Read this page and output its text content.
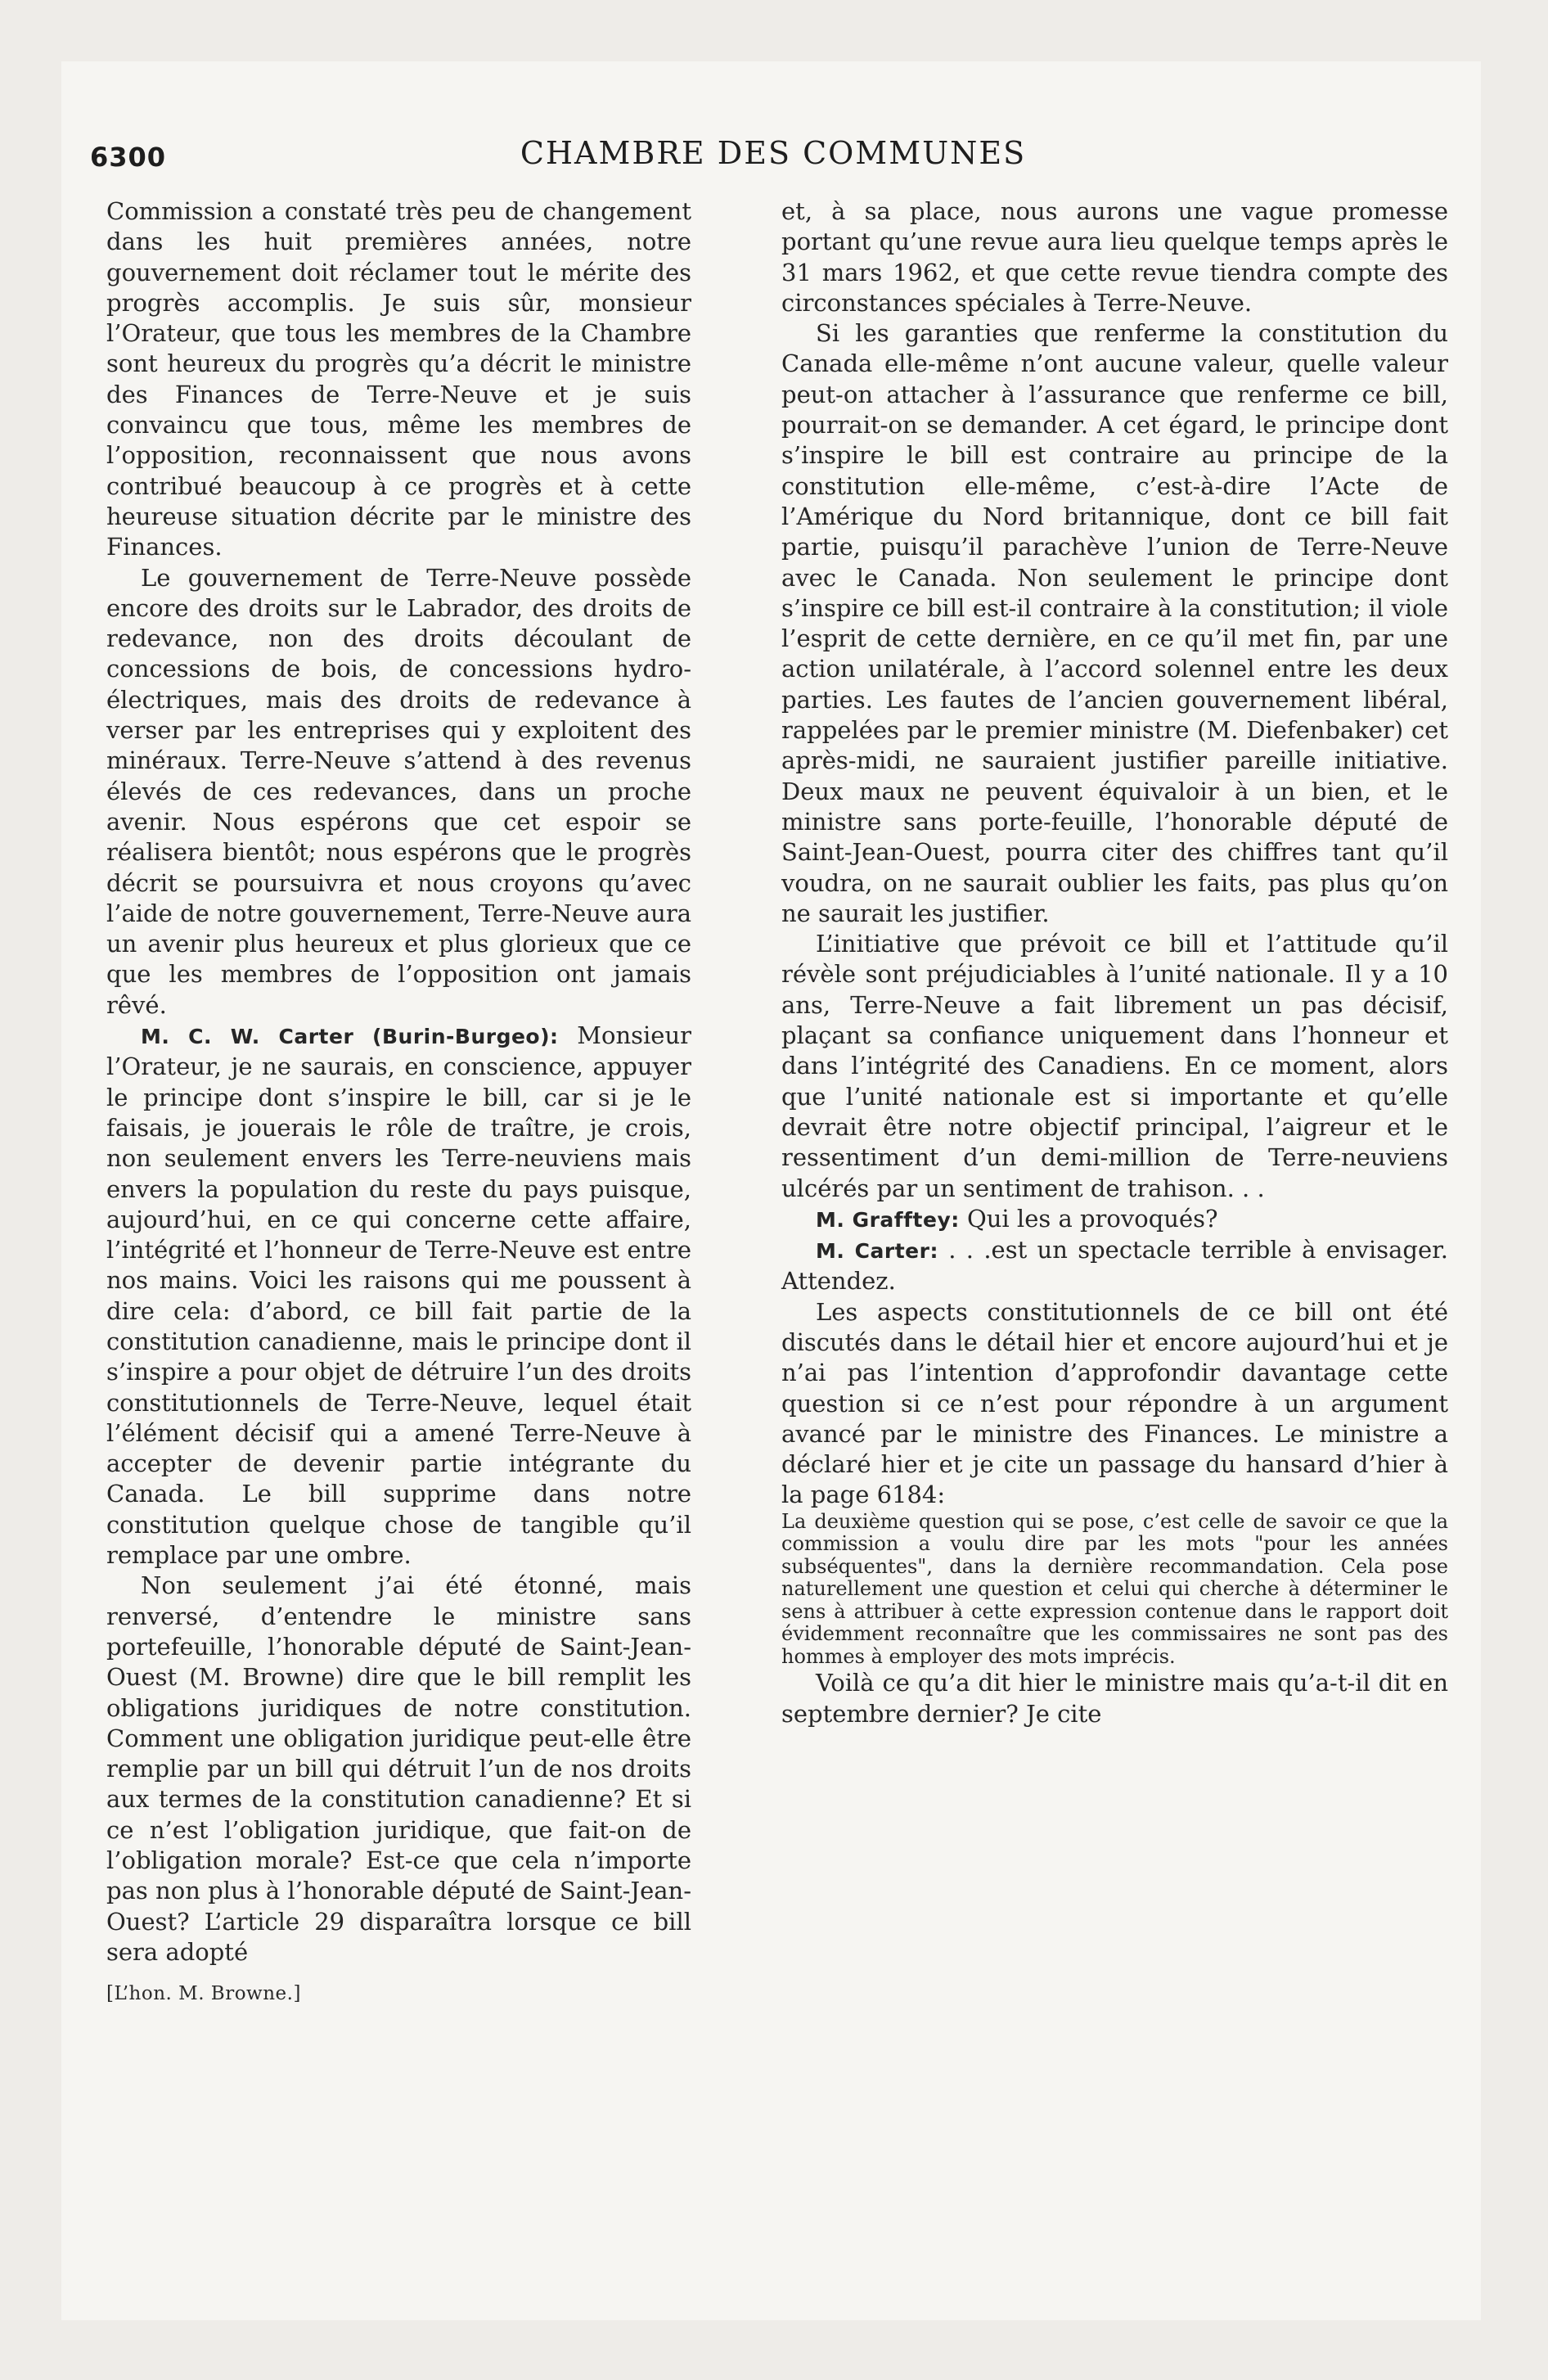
6300	CHAMBRE DES COMMUNES

Commission a constaté très peu de changement dans les huit premières années, notre gouvernement doit réclamer tout le mérite des progrès accomplis. Je suis sûr, monsieur l’Orateur, que tous les membres de la Chambre sont heureux du progrès qu’a décrit le ministre des Finances de Terre-Neuve et je suis convaincu que tous, même les membres de l’opposition, reconnaissent que nous avons contribué beaucoup à ce progrès et à cette heureuse situation décrite par le ministre des Finances.

Le gouvernement de Terre-Neuve possède encore des droits sur le Labrador, des droits de redevance, non des droits découlant de concessions de bois, de concessions hydro-électriques, mais des droits de redevance à verser par les entreprises qui y exploitent des minéraux. Terre-Neuve s’attend à des revenus élevés de ces redevances, dans un proche avenir. Nous espérons que cet espoir se réalisera bientôt; nous espérons que le progrès décrit se poursuivra et nous croyons qu’avec l’aide de notre gouvernement, Terre-Neuve aura un avenir plus heureux et plus glorieux que ce que les membres de l’opposition ont jamais rêvé.

M. C. W. Carter (Burin-Burgeo): Monsieur l’Orateur, je ne saurais, en conscience, appuyer le principe dont s’inspire le bill, car si je le faisais, je jouerais le rôle de traître, je crois, non seulement envers les Terre-neuviens mais envers la population du reste du pays puisque, aujourd’hui, en ce qui concerne cette affaire, l’intégrité et l’honneur de Terre-Neuve est entre nos mains. Voici les raisons qui me poussent à dire cela: d’abord, ce bill fait partie de la constitution canadienne, mais le principe dont il s’inspire a pour objet de détruire l’un des droits constitutionnels de Terre-Neuve, lequel était l’élément décisif qui a amené Terre-Neuve à accepter de devenir partie intégrante du Canada. Le bill supprime dans notre constitution quelque chose de tangible qu’il remplace par une ombre.

Non seulement j’ai été étonné, mais renversé, d’entendre le ministre sans portefeuille, l’honorable député de Saint-Jean-Ouest (M. Browne) dire que le bill remplit les obligations juridiques de notre constitution. Comment une obligation juridique peut-elle être remplie par un bill qui détruit l’un de nos droits aux termes de la constitution canadienne? Et si ce n’est l’obligation juridique, que fait-on de l’obligation morale? Est-ce que cela n’importe pas non plus à l’honorable député de Saint-Jean-Ouest? L’article 29 disparaîtra lorsque ce bill sera adopté

[L’hon. M. Browne.]

et, à sa place, nous aurons une vague promesse portant qu’une revue aura lieu quelque temps après le 31 mars 1962, et que cette revue tiendra compte des circonstances spéciales à Terre-Neuve.

Si les garanties que renferme la constitution du Canada elle-même n’ont aucune valeur, quelle valeur peut-on attacher à l’assurance que renferme ce bill, pourrait-on se demander. A cet égard, le principe dont s’inspire le bill est contraire au principe de la constitution elle-même, c’est-à-dire l’Acte de l’Amérique du Nord britannique, dont ce bill fait partie, puisqu’il parachève l’union de Terre-Neuve avec le Canada. Non seulement le principe dont s’inspire ce bill est-il contraire à la constitution; il viole l’esprit de cette dernière, en ce qu’il met fin, par une action unilatérale, à l’accord solennel entre les deux parties. Les fautes de l’ancien gouvernement libéral, rappelées par le premier ministre (M. Diefenbaker) cet après-midi, ne sauraient justifier pareille initiative. Deux maux ne peuvent équivaloir à un bien, et le ministre sans porte-feuille, l’honorable député de Saint-Jean-Ouest, pourra citer des chiffres tant qu’il voudra, on ne saurait oublier les faits, pas plus qu’on ne saurait les justifier.

L’initiative que prévoit ce bill et l’attitude qu’il révèle sont préjudiciables à l’unité nationale. Il y a 10 ans, Terre-Neuve a fait librement un pas décisif, plaçant sa confiance uniquement dans l’honneur et dans l’intégrité des Canadiens. En ce moment, alors que l’unité nationale est si importante et qu’elle devrait être notre objectif principal, l’aigreur et le ressentiment d’un demi-million de Terre-neuviens ulcérés par un sentiment de trahison. . .

M. Grafftey: Qui les a provoqués?

M. Carter: . . .est un spectacle terrible à envisager. Attendez.

Les aspects constitutionnels de ce bill ont été discutés dans le détail hier et encore aujourd’hui et je n’ai pas l’intention d’approfondir davantage cette question si ce n’est pour répondre à un argument avancé par le ministre des Finances. Le ministre a déclaré hier et je cite un passage du hansard d’hier à la page 6184:

La deuxième question qui se pose, c’est celle de savoir ce que la commission a voulu dire par les mots "pour les années subséquentes", dans la dernière recommandation. Cela pose naturellement une question et celui qui cherche à déterminer le sens à attribuer à cette expression contenue dans le rapport doit évidemment reconnaître que les commissaires ne sont pas des hommes à employer des mots imprécis.

Voilà ce qu’a dit hier le ministre mais qu’a-t-il dit en septembre dernier? Je cite
